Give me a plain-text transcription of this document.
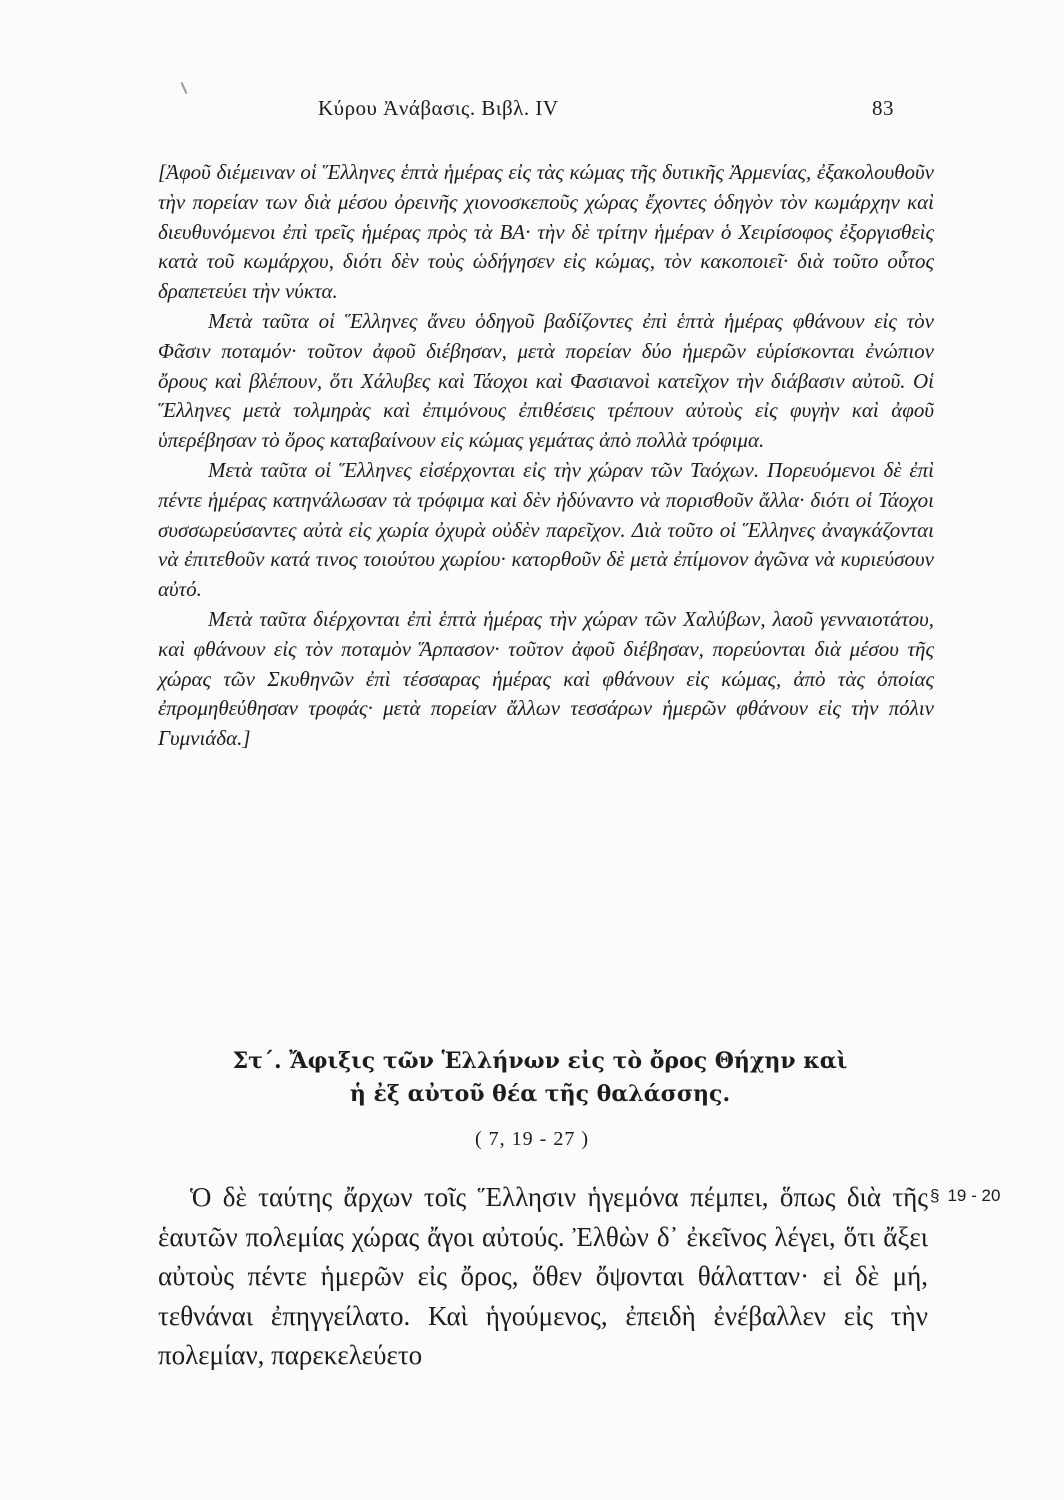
Κύρου Ἀνάβασις. Βιβλ. IV	83

[Ἀφοῦ διέμειναν οἱ Ἕλληνες ἑπτὰ ἡμέρας εἰς τὰς κώμας τῆς δυτικῆς Ἀρμενίας, ἐξακολουθοῦν τὴν πορείαν των διὰ μέσου ὀρεινῆς χιονοσκεποῦς χώρας ἔχοντες ὁδηγὸν τὸν κωμάρχην καὶ διευθυνόμενοι ἐπὶ τρεῖς ἡμέρας πρὸς τὰ ΒΑ· τὴν δὲ τρίτην ἡμέραν ὁ Χειρίσοφος ἐξοργισθεὶς κατὰ τοῦ κωμάρχου, διότι δὲν τοὺς ὡδήγησεν εἰς κώμας, τὸν κακοποιεῖ· διὰ τοῦτο οὗτος δραπετεύει τὴν νύκτα.

Μετὰ ταῦτα οἱ Ἕλληνες ἄνευ ὁδηγοῦ βαδίζοντες ἐπὶ ἑπτὰ ἡμέρας φθάνουν εἰς τὸν Φᾶσιν ποταμόν· τοῦτον ἀφοῦ διέβησαν, μετὰ πορείαν δύο ἡμερῶν εὑρίσκονται ἐνώπιον ὄρους καὶ βλέπουν, ὅτι Χάλυβες καὶ Τάοχοι καὶ Φασιανοὶ κατεῖχον τὴν διάβασιν αὐτοῦ. Οἱ Ἕλληνες μετὰ τολμηρὰς καὶ ἐπιμόνους ἐπιθέσεις τρέπουν αὐτοὺς εἰς φυγὴν καὶ ἀφοῦ ὑπερέβησαν τὸ ὄρος καταβαίνουν εἰς κώμας γεμάτας ἀπὸ πολλὰ τρόφιμα.

Μετὰ ταῦτα οἱ Ἕλληνες εἰσέρχονται εἰς τὴν χώραν τῶν Ταόχων. Πορευόμενοι δὲ ἐπὶ πέντε ἡμέρας κατηνάλωσαν τὰ τρόφιμα καὶ δὲν ἠδύναντο νὰ πορισθοῦν ἄλλα· διότι οἱ Τάοχοι συσσωρεύσαντες αὐτὰ εἰς χωρία ὀχυρὰ οὐδὲν παρεῖχον. Διὰ τοῦτο οἱ Ἕλληνες ἀναγκάζονται νὰ ἐπιτεθοῦν κατά τινος τοιούτου χωρίου· κατορθοῦν δὲ μετὰ ἐπίμονον ἀγῶνα νὰ κυριεύσουν αὐτό.

Μετὰ ταῦτα διέρχονται ἐπὶ ἑπτὰ ἡμέρας τὴν χώραν τῶν Χαλύβων, λαοῦ γενναιοτάτου, καὶ φθάνουν εἰς τὸν ποταμὸν Ἅρπασον· τοῦτον ἀφοῦ διέβησαν, πορεύονται διὰ μέσου τῆς χώρας τῶν Σκυθηνῶν ἐπὶ τέσσαρας ἡμέρας καὶ φθάνουν εἰς κώμας, ἀπὸ τὰς ὁποίας ἐπρομηθεύθησαν τροφάς· μετὰ πορείαν ἄλλων τεσσάρων ἡμερῶν φθάνουν εἰς τὴν πόλιν Γυμνιάδα.]

Στ΄. Ἄφιξις τῶν Ἑλλήνων εἰς τὸ ὄρος Θήχην καὶ
ἡ ἐξ αὐτοῦ θέα τῆς θαλάσσης.
( 7, 19 - 27 )

Ὁ δὲ ταύτης ἄρχων τοῖς Ἕλλησιν ἡγεμόνα πέμπει, ὅπως διὰ τῆς ἑαυτῶν πολεμίας χώρας ἄγοι αὐτούς. Ἐλθὼν δ᾽ ἐκεῖνος λέγει, ὅτι ἄξει αὐτοὺς πέντε ἡμερῶν εἰς ὄρος, ὅθεν ὄψονται θάλατταν· εἰ δὲ μή, τεθνάναι ἐπηγγείλατο. Καὶ ἡγούμενος, ἐπειδὴ ἐνέβαλλεν εἰς τὴν πολεμίαν, παρεκελεύετο

§ 19 - 20
